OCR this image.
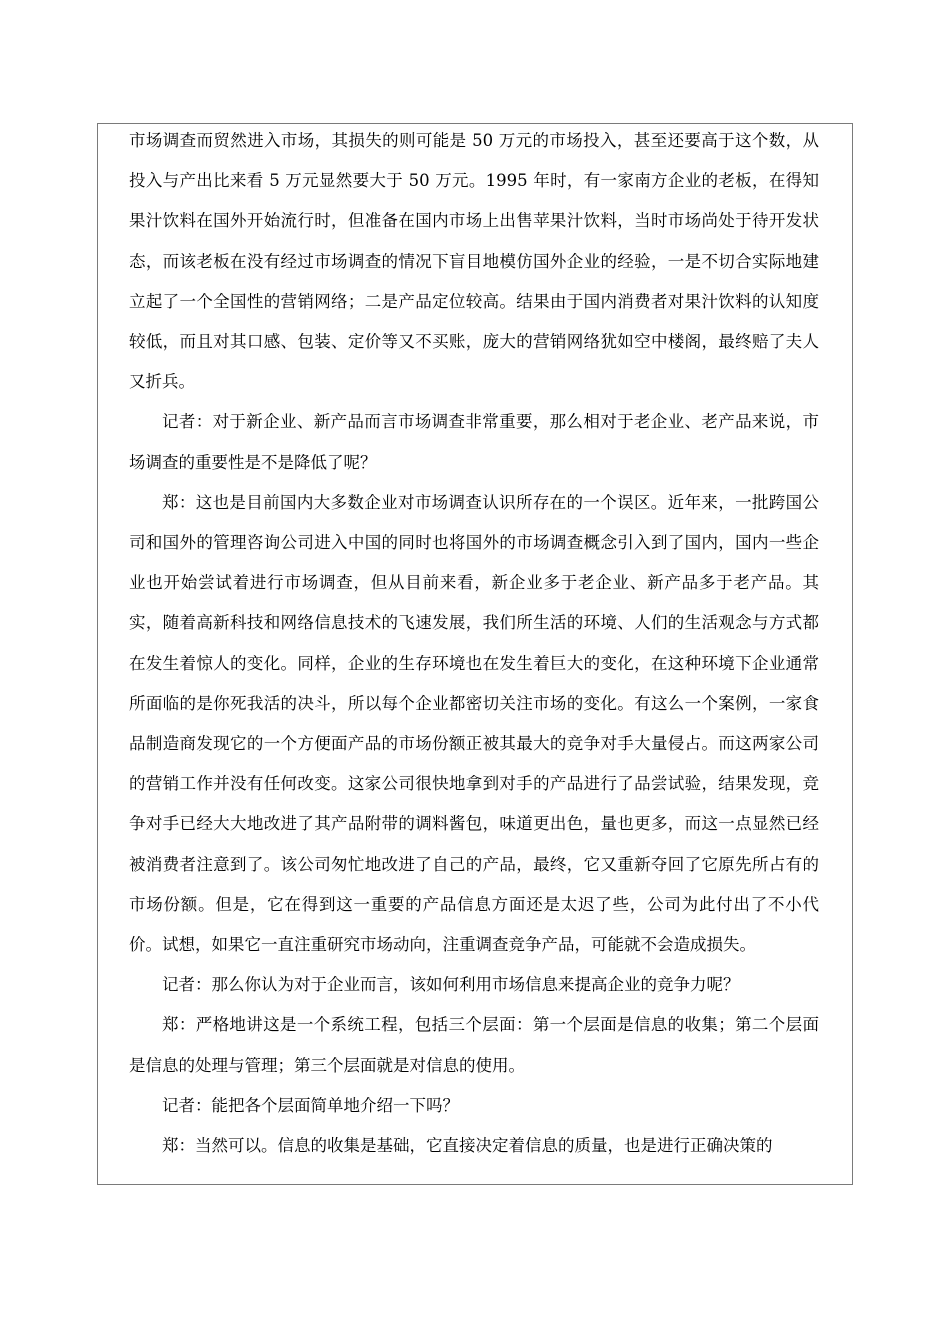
市场调查而贸然进入市场，其损失的则可能是 50 万元的市场投入，甚至还要高于这个数，从投入与产出比来看 5 万元显然要大于 50 万元。1995 年时，有一家南方企业的老板，在得知果汁饮料在国外开始流行时，但准备在国内市场上出售苹果汁饮料，当时市场尚处于待开发状态，而该老板在没有经过市场调查的情况下盲目地模仿国外企业的经验，一是不切合实际地建立起了一个全国性的营销网络；二是产品定位较高。结果由于国内消费者对果汁饮料的认知度较低，而且对其口感、包装、定价等又不买账，庞大的营销网络犹如空中楼阁，最终赔了夫人又折兵。

记者：对于新企业、新产品而言市场调查非常重要，那么相对于老企业、老产品来说，市场调查的重要性是不是降低了呢？

郑：这也是目前国内大多数企业对市场调查认识所存在的一个误区。近年来，一批跨国公司和国外的管理咨询公司进入中国的同时也将国外的市场调查概念引入到了国内，国内一些企业也开始尝试着进行市场调查，但从目前来看，新企业多于老企业、新产品多于老产品。其实，随着高新科技和网络信息技术的飞速发展，我们所生活的环境、人们的生活观念与方式都在发生着惊人的变化。同样，企业的生存环境也在发生着巨大的变化，在这种环境下企业通常所面临的是你死我活的决斗，所以每个企业都密切关注市场的变化。有这么一个案例，一家食品制造商发现它的一个方便面产品的市场份额正被其最大的竞争对手大量侵占。而这两家公司的营销工作并没有任何改变。这家公司很快地拿到对手的产品进行了品尝试验，结果发现，竞争对手已经大大地改进了其产品附带的调料酱包，味道更出色，量也更多，而这一点显然已经被消费者注意到了。该公司匆忙地改进了自己的产品，最终，它又重新夺回了它原先所占有的市场份额。但是，它在得到这一重要的产品信息方面还是太迟了些，公司为此付出了不小代价。试想，如果它一直注重研究市场动向，注重调查竞争产品，可能就不会造成损失。

记者：那么你认为对于企业而言，该如何利用市场信息来提高企业的竞争力呢？

郑：严格地讲这是一个系统工程，包括三个层面：第一个层面是信息的收集；第二个层面是信息的处理与管理；第三个层面就是对信息的使用。

记者：能把各个层面简单地介绍一下吗？

郑：当然可以。信息的收集是基础，它直接决定着信息的质量，也是进行正确决策的
